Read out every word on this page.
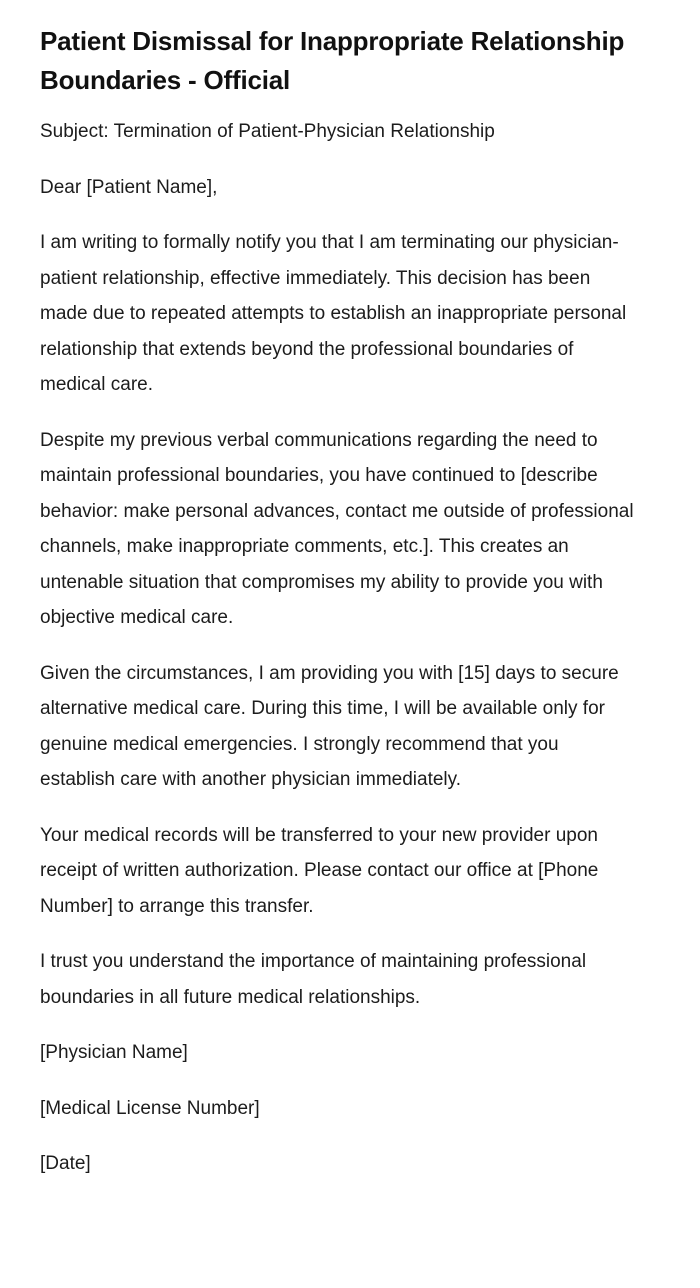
Patient Dismissal for Inappropriate Relationship Boundaries - Official

Subject: Termination of Patient-Physician Relationship

Dear [Patient Name],

I am writing to formally notify you that I am terminating our physician-patient relationship, effective immediately. This decision has been made due to repeated attempts to establish an inappropriate personal relationship that extends beyond the professional boundaries of medical care.

Despite my previous verbal communications regarding the need to maintain professional boundaries, you have continued to [describe behavior: make personal advances, contact me outside of professional channels, make inappropriate comments, etc.]. This creates an untenable situation that compromises my ability to provide you with objective medical care.

Given the circumstances, I am providing you with [15] days to secure alternative medical care. During this time, I will be available only for genuine medical emergencies. I strongly recommend that you establish care with another physician immediately.

Your medical records will be transferred to your new provider upon receipt of written authorization. Please contact our office at [Phone Number] to arrange this transfer.

I trust you understand the importance of maintaining professional boundaries in all future medical relationships.

[Physician Name]

[Medical License Number]

[Date]
